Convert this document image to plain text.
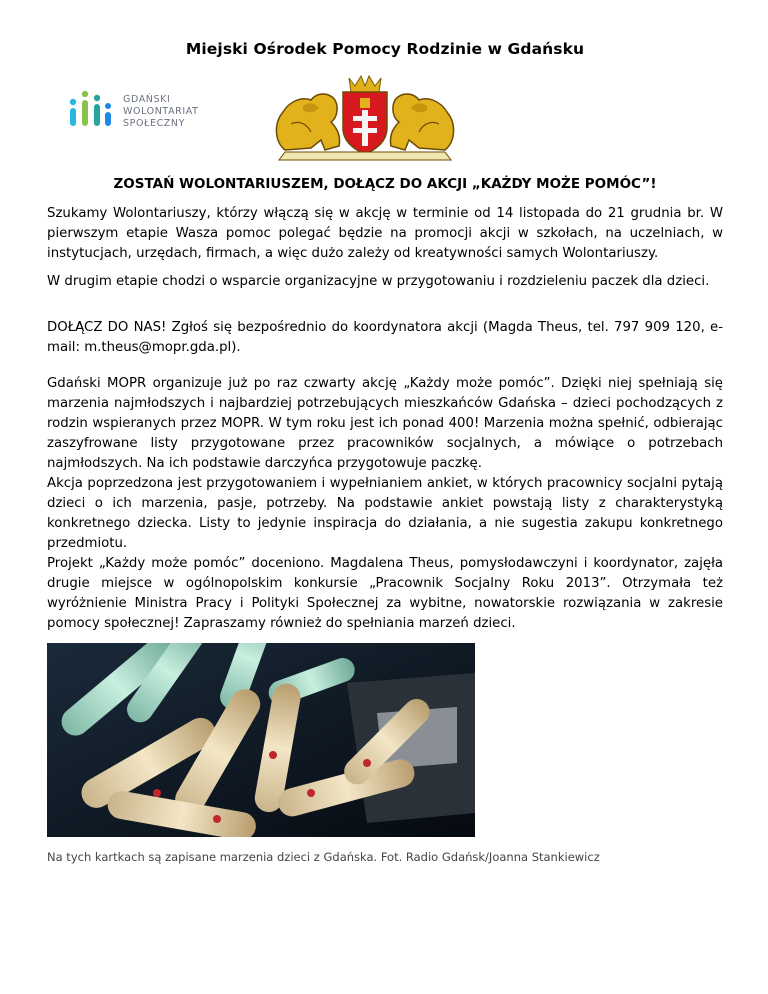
Miejski Ośrodek Pomocy Rodzinie w Gdańsku
GDAŃSKI
WOLONTARIAT
SPOŁECZNY
ZOSTAŃ WOLONTARIUSZEM, DOŁĄCZ DO AKCJI „KAŻDY MOŻE POMÓC”!

Szukamy Wolontariuszy, którzy włączą się w akcję w terminie od 14 listopada do 21 grudnia br. W pierwszym etapie Wasza pomoc polegać będzie na promocji akcji w szkołach, na uczelniach, w instytucjach, urzędach, firmach, a więc dużo zależy od kreatywności samych Wolontariuszy.

W drugim etapie chodzi o wsparcie organizacyjne w przygotowaniu i rozdzieleniu paczek dla dzieci.

DOŁĄCZ DO NAS! Zgłoś się bezpośrednio do koordynatora akcji (Magda Theus, tel. 797 909 120, e-mail: m.theus@mopr.gda.pl).

Gdański MOPR organizuje już po raz czwarty akcję „Każdy może pomóc”. Dzięki niej spełniają się marzenia najmłodszych i najbardziej potrzebujących mieszkańców Gdańska – dzieci pochodzących z rodzin wspieranych przez MOPR. W tym roku jest ich ponad 400! Marzenia można spełnić, odbierając zaszyfrowane listy przygotowane przez pracowników socjalnych, a mówiące o potrzebach najmłodszych. Na ich podstawie darczyńca przygotowuje paczkę.

Akcja poprzedzona jest przygotowaniem i wypełnianiem ankiet, w których pracownicy socjalni pytają dzieci o ich marzenia, pasje, potrzeby. Na podstawie ankiet powstają listy z charakterystyką konkretnego dziecka. Listy to jedynie inspiracja do działania, a nie sugestia zakupu konkretnego przedmiotu.

Projekt „Każdy może pomóc” doceniono. Magdalena Theus, pomysłodawczyni i koordynator, zajęła drugie miejsce w ogólnopolskim konkursie „Pracownik Socjalny Roku 2013”. Otrzymała też wyróżnienie Ministra Pracy i Polityki Społecznej za wybitne, nowatorskie rozwiązania w zakresie pomocy społecznej! Zapraszamy również do spełniania marzeń dzieci.

Na tych kartkach są zapisane marzenia dzieci z Gdańska. Fot. Radio Gdańsk/Joanna Stankiewicz
